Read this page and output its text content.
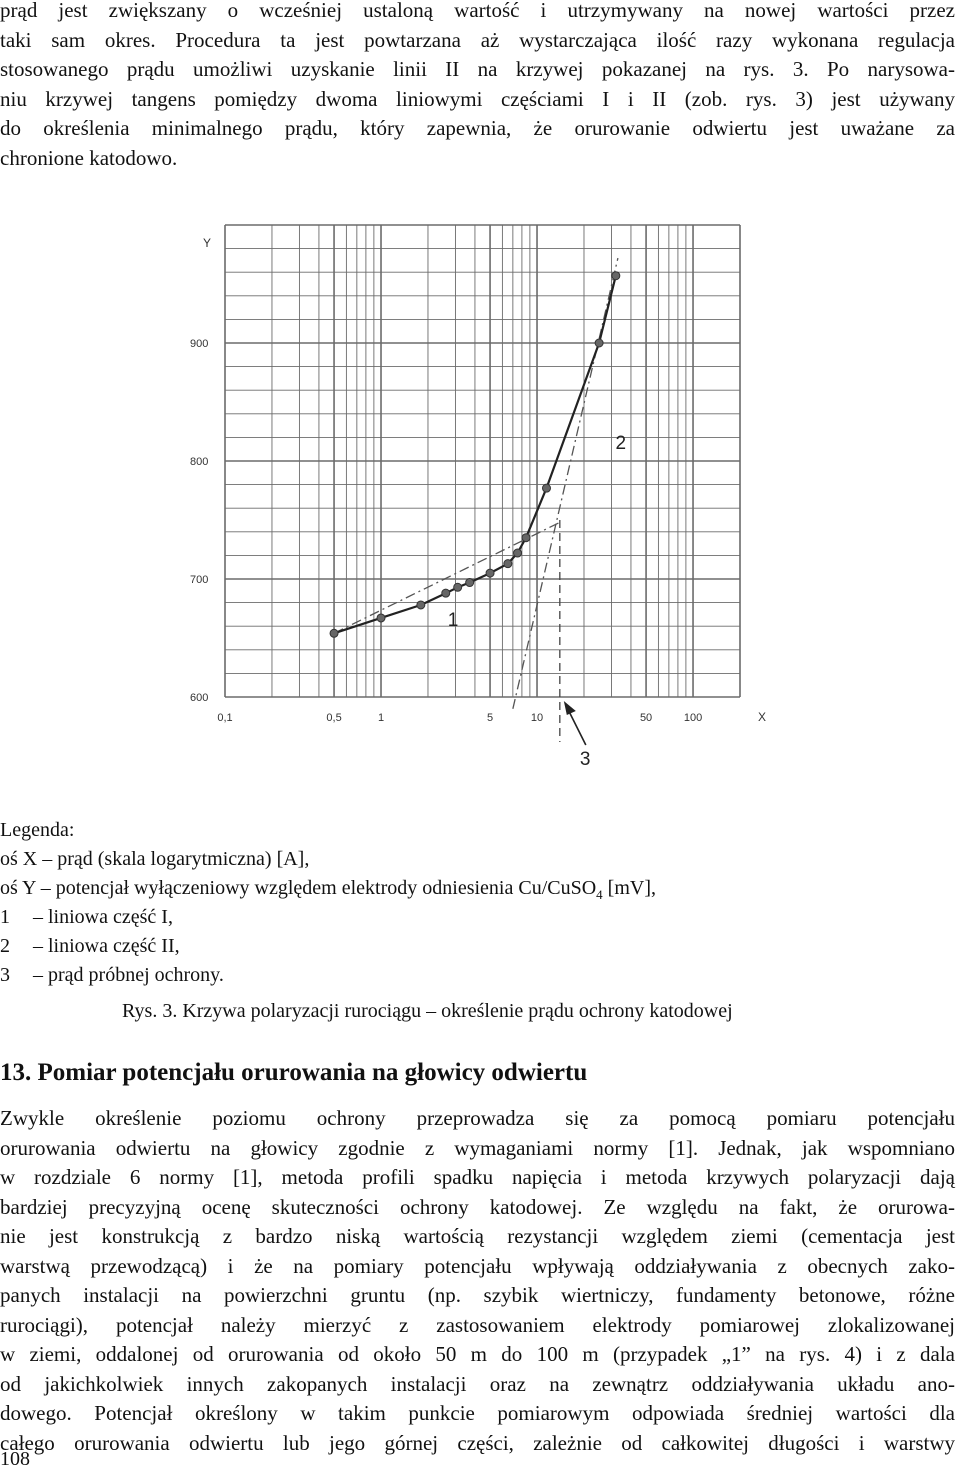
prąd jest zwiększany o wcześniej ustaloną wartość i utrzymywany na nowej wartości przez
taki sam okres. Procedura ta jest powtarzana aż wystarczająca ilość razy wykonana regulacja
stosowanego prądu umożliwi uzyskanie linii II na krzywej pokazanej na rys. 3. Po narysowa-
niu krzywej tangens pomiędzy dwoma liniowymi częściami I i II (zob. rys. 3) jest używany
do określenia minimalnego prądu, który zapewnia, że orurowanie odwiertu jest uważane za
chronione katodowo.
Y
X
600
700
800
900
0,1	0,5	1	5	10	50	100
1
2
3
Legenda:
oś X – prąd (skala logarytmiczna) [A],
oś Y – potencjał wyłączeniowy względem elektrody odniesienia Cu/CuSO$_4$ [mV],
1 – liniowa część I,
2 – liniowa część II,
3 – prąd próbnej ochrony.
Rys. 3. Krzywa polaryzacji rurociągu – określenie prądu ochrony katodowej
13. Pomiar potencjału orurowania na głowicy odwiertu
Zwykle określenie poziomu ochrony przeprowadza się za pomocą pomiaru potencjału
orurowania odwiertu na głowicy zgodnie z wymaganiami normy [1]. Jednak, jak wspomniano
w rozdziale 6 normy [1], metoda profili spadku napięcia i metoda krzywych polaryzacji dają
bardziej precyzyjną ocenę skuteczności ochrony katodowej. Ze względu na fakt, że orurowa-
nie jest konstrukcją z bardzo niską wartością rezystancji względem ziemi (cementacja jest
warstwą przewodzącą) i że na pomiary potencjału wpływają oddziaływania z obecnych zako-
panych instalacji na powierzchni gruntu (np. szybik wiertniczy, fundamenty betonowe, różne
rurociągi), potencjał należy mierzyć z zastosowaniem elektrody pomiarowej zlokalizowanej
w ziemi, oddalonej od orurowania od około 50 m do 100 m (przypadek „1” na rys. 4) i z dala
od jakichkolwiek innych zakopanych instalacji oraz na zewnątrz oddziaływania układu ano-
dowego. Potencjał określony w takim punkcie pomiarowym odpowiada średniej wartości dla
całego orurowania odwiertu lub jego górnej części, zależnie od całkowitej długości i warstwy
108
